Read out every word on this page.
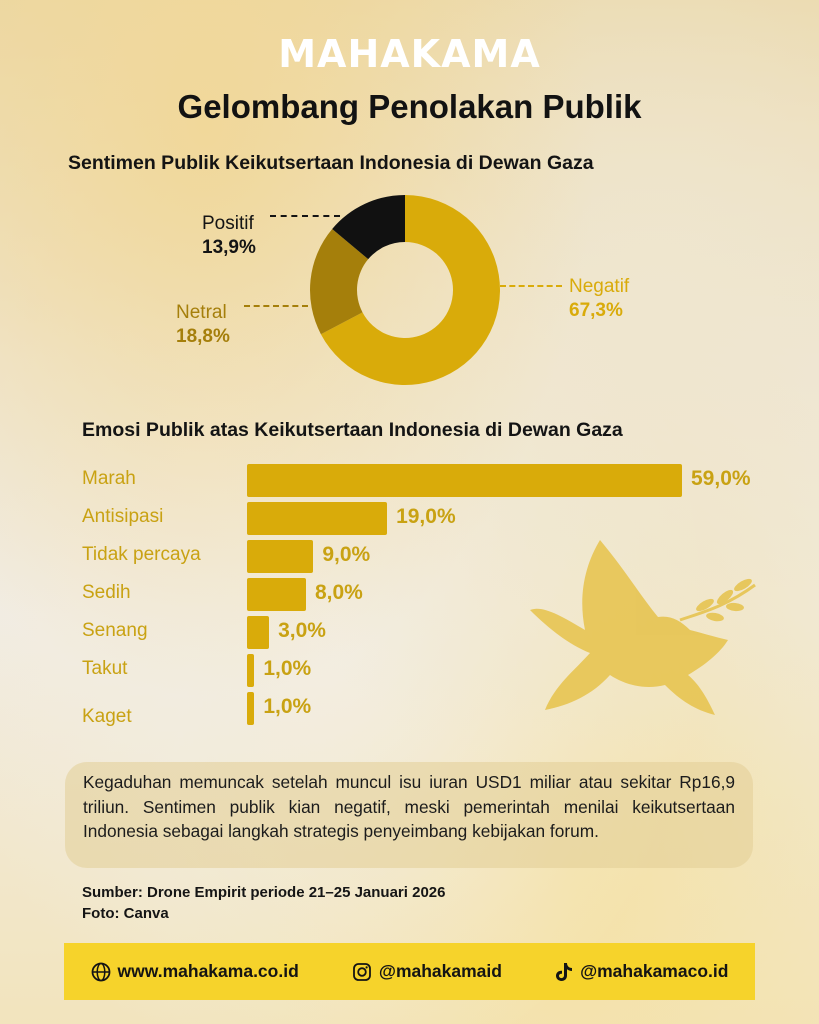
MAHAKAMA
Gelombang Penolakan Publik
Sentimen Publik Keikutsertaan Indonesia di Dewan Gaza
Positif
13,9%
Netral
18,8%
Negatif
67,3%
Emosi Publik atas Keikutsertaan Indonesia di Dewan Gaza
Marah	59,0%
Antisipasi	19,0%
Tidak percaya	9,0%
Sedih	8,0%
Senang	3,0%
Takut	1,0%
Kaget	1,0%

Kegaduhan memuncak setelah muncul isu iuran USD1 miliar atau sekitar Rp16,9 triliun. Sentimen publik kian negatif, meski pemerintah menilai keikutsertaan Indonesia sebagai langkah strategis penyeimbang kebijakan forum.

Sumber: Drone Empirit periode 21–25 Januari 2026
Foto: Canva
www.mahakama.co.id	@mahakamaid	@mahakamaco.id
